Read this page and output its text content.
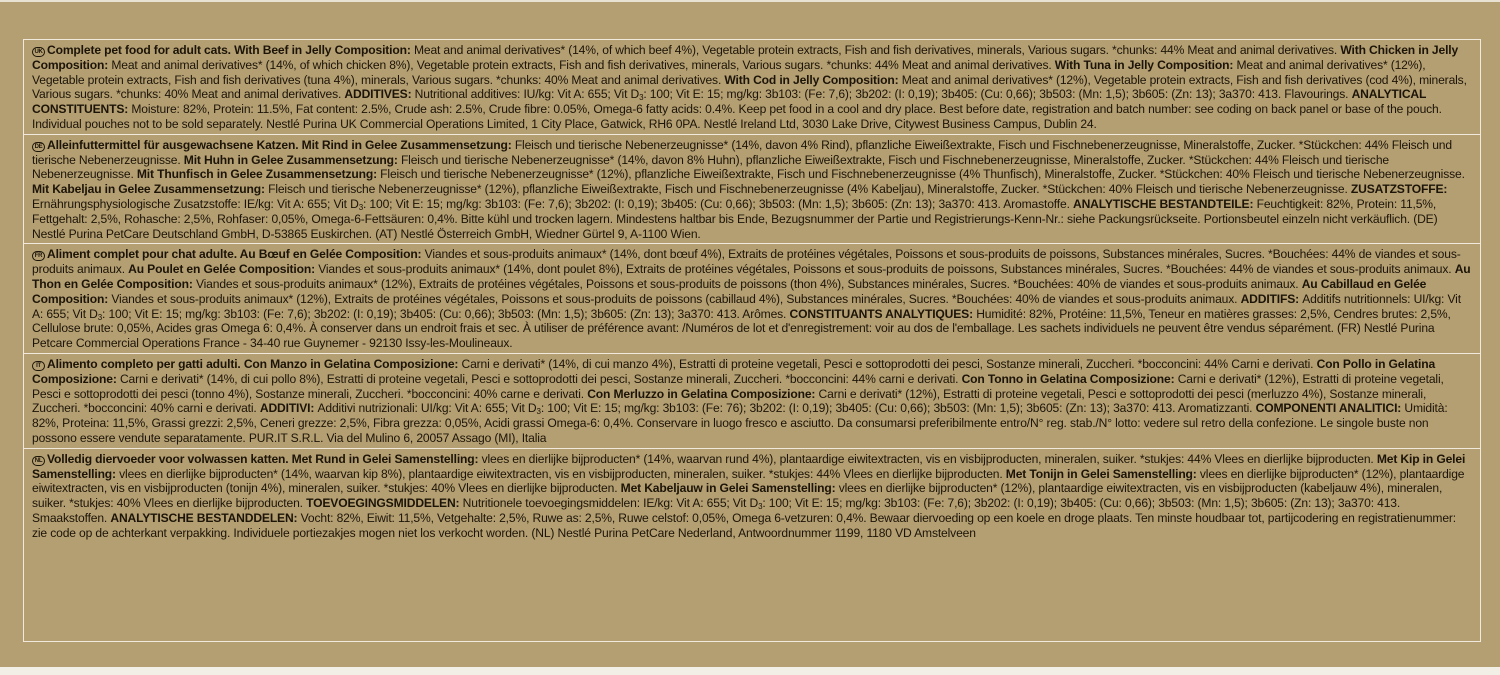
UK Complete pet food for adult cats. With Beef in Jelly Composition: Meat and animal derivatives* (14%, of which beef 4%), Vegetable protein extracts, Fish and fish derivatives, minerals, Various sugars. *chunks: 44% Meat and animal derivatives. With Chicken in Jelly Composition: Meat and animal derivatives* (14%, of which chicken 8%), Vegetable protein extracts, Fish and fish derivatives, minerals, Various sugars. *chunks: 44% Meat and animal derivatives. With Tuna in Jelly Composition: Meat and animal derivatives* (12%), Vegetable protein extracts, Fish and fish derivatives (tuna 4%), minerals, Various sugars. *chunks: 40% Meat and animal derivatives. With Cod in Jelly Composition: Meat and animal derivatives* (12%), Vegetable protein extracts, Fish and fish derivatives (cod 4%), minerals, Various sugars. *chunks: 40% Meat and animal derivatives. ADDITIVES: Nutritional additives: IU/kg: Vit A: 655; Vit $D_3$: 100; Vit E: 15; mg/kg: 3b103: (Fe: 7,6); 3b202: (I: 0,19); 3b405: (Cu: 0,66); 3b503: (Mn: 1,5); 3b605: (Zn: 13); 3a370: 413. Flavourings. ANALYTICAL CONSTITUENTS: Moisture: 82%, Protein: 11.5%, Fat content: 2.5%, Crude ash: 2.5%, Crude fibre: 0.05%, Omega-6 fatty acids: 0.4%. Keep pet food in a cool and dry place. Best before date, registration and batch number: see coding on back panel or base of the pouch. Individual pouches not to be sold separately. Nestlé Purina UK Commercial Operations Limited, 1 City Place, Gatwick, RH6 0PA. Nestlé Ireland Ltd, 3030 Lake Drive, Citywest Business Campus, Dublin 24.
DE Alleinfuttermittel für ausgewachsene Katzen. Mit Rind in Gelee Zusammensetzung: Fleisch und tierische Nebenerzeugnisse* (14%, davon 4% Rind), pflanzliche Eiweißextrakte, Fisch und Fischnebenerzeugnisse, Mineralstoffe, Zucker. *Stückchen: 44% Fleisch und tierische Nebenerzeugnisse. Mit Huhn in Gelee Zusammensetzung: Fleisch und tierische Nebenerzeugnisse* (14%, davon 8% Huhn), pflanzliche Eiweißextrakte, Fisch und Fischnebenerzeugnisse, Mineralstoffe, Zucker. *Stückchen: 44% Fleisch und tierische Nebenerzeugnisse. Mit Thunfisch in Gelee Zusammensetzung: Fleisch und tierische Nebenerzeugnisse* (12%), pflanzliche Eiweißextrakte, Fisch und Fischnebenerzeugnisse (4% Thunfisch), Mineralstoffe, Zucker. *Stückchen: 40% Fleisch und tierische Nebenerzeugnisse. Mit Kabeljau in Gelee Zusammensetzung: Fleisch und tierische Nebenerzeugnisse* (12%), pflanzliche Eiweißextrakte, Fisch und Fischnebenerzeugnisse (4% Kabeljau), Mineralstoffe, Zucker. *Stückchen: 40% Fleisch und tierische Nebenerzeugnisse. ZUSATZSTOFFE: Ernährungsphysiologische Zusatzstoffe: IE/kg: Vit A: 655; Vit $D_3$: 100; Vit E: 15; mg/kg: 3b103: (Fe: 7,6); 3b202: (I: 0,19); 3b405: (Cu: 0,66); 3b503: (Mn: 1,5); 3b605: (Zn: 13); 3a370: 413. Aromastoffe. ANALYTISCHE BESTANDTEILE: Feuchtigkeit: 82%, Protein: 11,5%, Fettgehalt: 2,5%, Rohasche: 2,5%, Rohfaser: 0,05%, Omega-6-Fettsäuren: 0,4%. Bitte kühl und trocken lagern. Mindestens haltbar bis Ende, Bezugsnummer der Partie und Registrierungs-Kenn-Nr.: siehe Packungsrückseite. Portionsbeutel einzeln nicht verkäuflich. (DE) Nestlé Purina PetCare Deutschland GmbH, D-53865 Euskirchen. (AT) Nestlé Österreich GmbH, Wiedner Gürtel 9, A-1100 Wien.
FR Aliment complet pour chat adulte. Au Bœuf en Gelée Composition: Viandes et sous-produits animaux* (14%, dont bœuf 4%), Extraits de protéines végétales, Poissons et sous-produits de poissons, Substances minérales, Sucres. *Bouchées: 44% de viandes et sous-produits animaux. Au Poulet en Gelée Composition: Viandes et sous-produits animaux* (14%, dont poulet 8%), Extraits de protéines végétales, Poissons et sous-produits de poissons, Substances minérales, Sucres. *Bouchées: 44% de viandes et sous-produits animaux. Au Thon en Gelée Composition: Viandes et sous-produits animaux* (12%), Extraits de protéines végétales, Poissons et sous-produits de poissons (thon 4%), Substances minérales, Sucres. *Bouchées: 40% de viandes et sous-produits animaux. Au Cabillaud en Gelée Composition: Viandes et sous-produits animaux* (12%), Extraits de protéines végétales, Poissons et sous-produits de poissons (cabillaud 4%), Substances minérales, Sucres. *Bouchées: 40% de viandes et sous-produits animaux. ADDITIFS: Additifs nutritionnels: UI/kg: Vit A: 655; Vit $D_3$: 100; Vit E: 15; mg/kg: 3b103: (Fe: 7,6); 3b202: (I: 0,19); 3b405: (Cu: 0,66); 3b503: (Mn: 1,5); 3b605: (Zn: 13); 3a370: 413. Arômes. CONSTITUANTS ANALYTIQUES: Humidité: 82%, Protéine: 11,5%, Teneur en matières grasses: 2,5%, Cendres brutes: 2,5%, Cellulose brute: 0,05%, Acides gras Omega 6: 0,4%. À conserver dans un endroit frais et sec. À utiliser de préférence avant: /Numéros de lot et d'enregistrement: voir au dos de l'emballage. Les sachets individuels ne peuvent être vendus séparément. (FR) Nestlé Purina Petcare Commercial Operations France - 34-40 rue Guynemer - 92130 Issy-les-Moulineaux.
IT Alimento completo per gatti adulti. Con Manzo in Gelatina Composizione: Carni e derivati* (14%, di cui manzo 4%), Estratti di proteine vegetali, Pesci e sottoprodotti dei pesci, Sostanze minerali, Zuccheri. *bocconcini: 44% Carni e derivati. Con Pollo in Gelatina Composizione: Carni e derivati* (14%, di cui pollo 8%), Estratti di proteine vegetali, Pesci e sottoprodotti dei pesci, Sostanze minerali, Zuccheri. *bocconcini: 44% carni e derivati. Con Tonno in Gelatina Composizione: Carni e derivati* (12%), Estratti di proteine vegetali, Pesci e sottoprodotti dei pesci (tonno 4%), Sostanze minerali, Zuccheri. *bocconcini: 40% carne e derivati. Con Merluzzo in Gelatina Composizione: Carni e derivati* (12%), Estratti di proteine vegetali, Pesci e sottoprodotti dei pesci (merluzzo 4%), Sostanze minerali, Zuccheri. *bocconcini: 40% carni e derivati. ADDITIVI: Additivi nutrizionali: UI/kg: Vit A: 655; Vit $D_3$: 100; Vit E: 15; mg/kg: 3b103: (Fe: 76); 3b202: (I: 0,19); 3b405: (Cu: 0,66); 3b503: (Mn: 1,5); 3b605: (Zn: 13); 3a370: 413. Aromatizzanti. COMPONENTI ANALITICI: Umidità: 82%, Proteina: 11,5%, Grassi grezzi: 2,5%, Ceneri grezze: 2,5%, Fibra grezza: 0,05%, Acidi grassi Omega-6: 0,4%. Conservare in luogo fresco e asciutto. Da consumarsi preferibilmente entro/N° reg. stab./N° lotto: vedere sul retro della confezione. Le singole buste non possono essere vendute separatamente. PUR.IT S.R.L. Via del Mulino 6, 20057 Assago (MI), Italia
NL Volledig diervoeder voor volwassen katten. Met Rund in Gelei Samenstelling: vlees en dierlijke bijproducten* (14%, waarvan rund 4%), plantaardige eiwitextracten, vis en visbijproducten, mineralen, suiker. *stukjes: 44% Vlees en dierlijke bijproducten. Met Kip in Gelei Samenstelling: vlees en dierlijke bijproducten* (14%, waarvan kip 8%), plantaardige eiwitextracten, vis en visbijproducten, mineralen, suiker. *stukjes: 44% Vlees en dierlijke bijproducten. Met Tonijn in Gelei Samenstelling: vlees en dierlijke bijproducten* (12%), plantaardige eiwitextracten, vis en visbijproducten (tonijn 4%), mineralen, suiker. *stukjes: 40% Vlees en dierlijke bijproducten. Met Kabeljauw in Gelei Samenstelling: vlees en dierlijke bijproducten* (12%), plantaardige eiwitextracten, vis en visbijproducten (kabeljauw 4%), mineralen, suiker. *stukjes: 40% Vlees en dierlijke bijproducten. TOEVOEGINGSMIDDELEN: Nutritionele toevoegingsmiddelen: IE/kg: Vit A: 655; Vit $D_3$: 100; Vit E: 15; mg/kg: 3b103: (Fe: 7,6); 3b202: (I: 0,19); 3b405: (Cu: 0,66); 3b503: (Mn: 1,5); 3b605: (Zn: 13); 3a370: 413. Smaakstoffen. ANALYTISCHE BESTANDDELEN: Vocht: 82%, Eiwit: 11,5%, Vetgehalte: 2,5%, Ruwe as: 2,5%, Ruwe celstof: 0,05%, Omega 6-vetzuren: 0,4%. Bewaar diervoeding op een koele en droge plaats. Ten minste houdbaar tot, partijcodering en registratienummer: zie code op de achterkant verpakking. Individuele portiezakjes mogen niet los verkocht worden. (NL) Nestlé Purina PetCare Nederland, Antwoordnummer 1199, 1180 VD Amstelveen
